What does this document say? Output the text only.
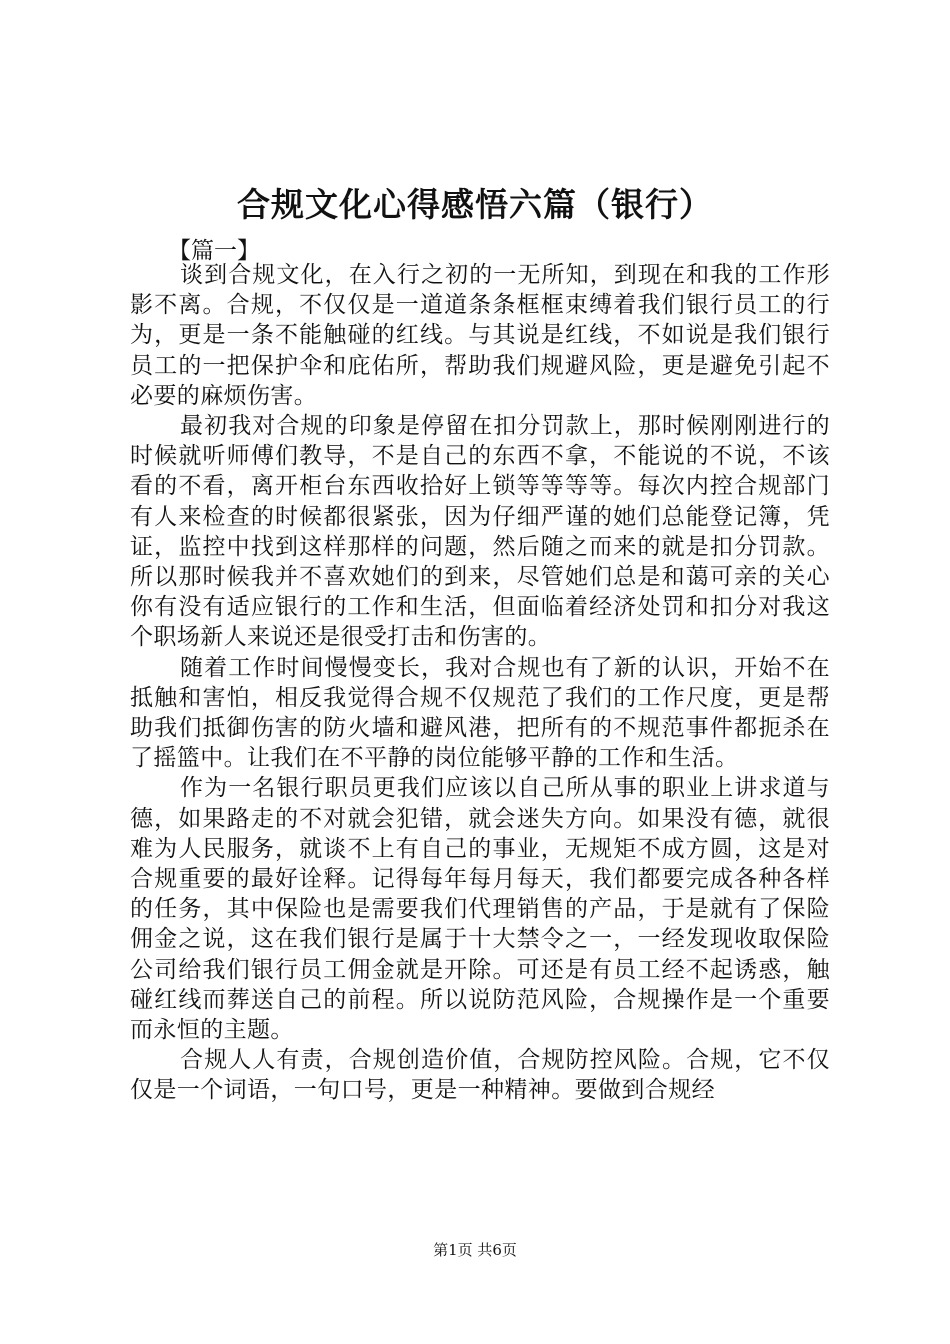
合规文化心得感悟六篇（银行）
【篇一】

谈到合规文化，在入行之初的一无所知，到现在和我的工作形影不离。合规，不仅仅是一道道条条框框束缚着我们银行员工的行为，更是一条不能触碰的红线。与其说是红线，不如说是我们银行员工的一把保护伞和庇佑所，帮助我们规避风险，更是避免引起不必要的麻烦伤害。

最初我对合规的印象是停留在扣分罚款上，那时候刚刚进行的时候就听师傅们教导，不是自己的东西不拿，不能说的不说，不该看的不看，离开柜台东西收拾好上锁等等等等。每次内控合规部门有人来检查的时候都很紧张，因为仔细严谨的她们总能登记簿，凭证，监控中找到这样那样的问题，然后随之而来的就是扣分罚款。所以那时候我并不喜欢她们的到来，尽管她们总是和蔼可亲的关心你有没有适应银行的工作和生活，但面临着经济处罚和扣分对我这个职场新人来说还是很受打击和伤害的。

随着工作时间慢慢变长，我对合规也有了新的认识，开始不在抵触和害怕，相反我觉得合规不仅规范了我们的工作尺度，更是帮助我们抵御伤害的防火墙和避风港，把所有的不规范事件都扼杀在了摇篮中。让我们在不平静的岗位能够平静的工作和生活。

作为一名银行职员更我们应该以自己所从事的职业上讲求道与德，如果路走的不对就会犯错，就会迷失方向。如果没有德，就很难为人民服务，就谈不上有自己的事业，无规矩不成方圆，这是对合规重要的最好诠释。记得每年每月每天，我们都要完成各种各样的任务，其中保险也是需要我们代理销售的产品，于是就有了保险佣金之说，这在我们银行是属于十大禁令之一，一经发现收取保险公司给我们银行员工佣金就是开除。可还是有员工经不起诱惑，触碰红线而葬送自己的前程。所以说防范风险，合规操作是一个重要而永恒的主题。

合规人人有责，合规创造价值，合规防控风险。合规，它不仅仅是一个词语，一句口号，更是一种精神。要做到合规经

第1页 共6页
